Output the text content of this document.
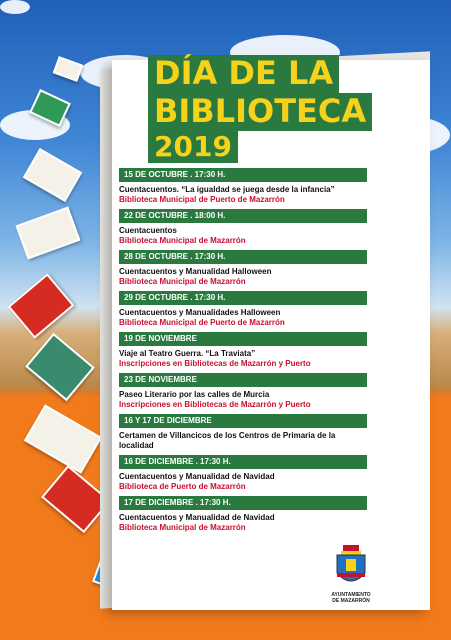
DÍA DE LA
BIBLIOTECA
2019
15 DE OCTUBRE . 17:30 H.
Cuentacuentos. “La igualdad se juega desde la infancia”
Biblioteca Municipal de Puerto de Mazarrón
22 DE OCTUBRE . 18:00 H.
Cuentacuentos
Biblioteca Municipal de Mazarrón
28 DE OCTUBRE . 17:30 H.
Cuentacuentos y Manualidad Halloween
Biblioteca Municipal de Mazarrón
29 DE OCTUBRE . 17:30 H.
Cuentacuentos y Manualidades Halloween
Biblioteca Municipal de Puerto de Mazarrón
19 DE NOVIEMBRE
Viaje al Teatro Guerra. “La Traviata”
Inscripciones en Bibliotecas de Mazarrón y Puerto
23 DE NOVIEMBRE
Paseo Literario por las calles de Murcia
Inscripciones en Bibliotecas de Mazarrón y Puerto
16 Y 17 DE DICIEMBRE
Certamen de Villancicos de los Centros de Primaria de la localidad
16 DE DICIEMBRE . 17:30 H.
Cuentacuentos y Manualidad de Navidad
Biblioteca de Puerto de Mazarrón
17 DE DICIEMBRE . 17:30 H.
Cuentacuentos y Manualidad de Navidad
Biblioteca Municipal de Mazarrón
AYUNTAMIENTO
DE MAZARRÓN
